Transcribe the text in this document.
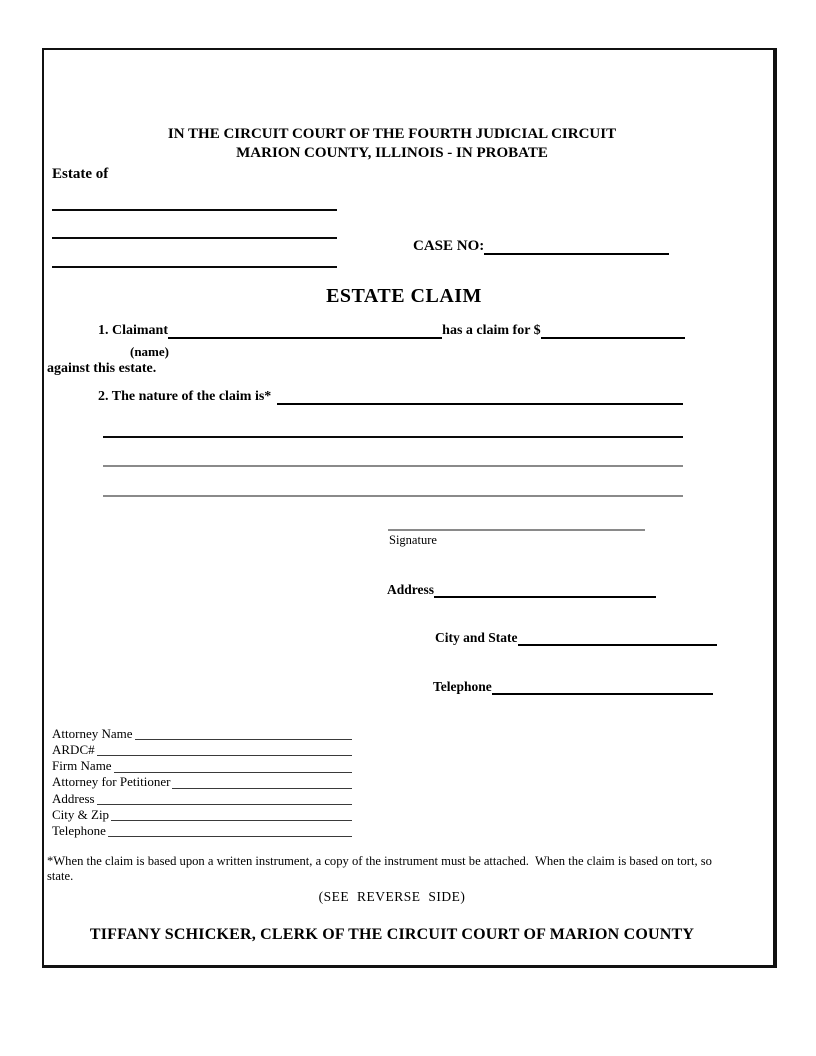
IN THE CIRCUIT COURT OF THE FOURTH JUDICIAL CIRCUIT
MARION COUNTY, ILLINOIS - IN PROBATE
Estate of
CASE NO:
ESTATE CLAIM
1. Claimant	has a claim for $
(name)
against this estate.
2. The nature of the claim is*
Signature
Address
City and State
Telephone
Attorney Name
ARDC#
Firm Name
Attorney for Petitioner
Address
City & Zip
Telephone
*When the claim is based upon a written instrument, a copy of the instrument must be attached.  When the claim is based on tort, so state.
(SEE REVERSE SIDE)
TIFFANY SCHICKER, CLERK OF THE CIRCUIT COURT OF MARION COUNTY
